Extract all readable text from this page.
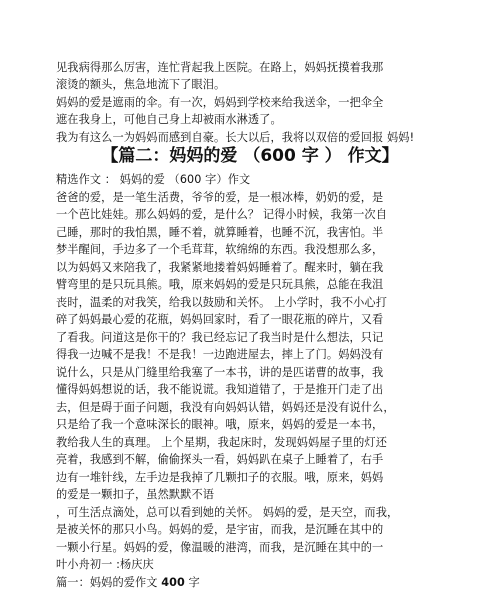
见我病得那么厉害，连忙背起我上医院。在路上，妈妈抚摸着我那

滚烫的额头，焦急地流下了眼泪。

妈妈的爱是遮雨的伞。有一次，妈妈到学校来给我送伞，一把伞全

遮在我身上，可他自己身上却被雨水淋透了。

我为有这么一为妈妈而感到自豪。长大以后，我将以双倍的爱回报 妈妈!

【篇二：妈妈的爱 （600 字 ） 作文】

精选作文 ： 妈妈的爱 （600 字）作文

爸爸的爱，是一笔生活费，爷爷的爱，是一根冰棒，奶奶的爱，是

一个芭比娃娃。那么妈妈的爱，是什么？ 记得小时候，我第一次自

己睡，那时的我怕黑，睡不着，就算睡着，也睡不沉，我害怕。半

梦半醒间，手边多了一个毛茸茸，软绵绵的东西。我没想那么多，

以为妈妈又来陪我了，我紧紧地搂着妈妈睡着了。醒来时，躺在我

臂弯里的是只玩具熊。哦，原来妈妈的爱是只玩具熊，总能在我沮

丧时，温柔的对我笑，给我以鼓励和关怀。 上小学时，我不小心打

碎了妈妈最心爱的花瓶，妈妈回家时，看了一眼花瓶的碎片，又看

了看我。问道这是你干的？我已经忘记了我当时是什么想法，只记

得我一边喊不是我！不是我！一边跑进屋去，摔上了门。妈妈没有

说什么，只是从门缝里给我塞了一本书，讲的是匹诺曹的故事，我

懂得妈妈想说的话，我不能说谎。我知道错了，于是推开门走了出

去，但是碍于面子问题，我没有向妈妈认错，妈妈还是没有说什么，

只是给了我一个意味深长的眼神。哦，原来，妈妈的爱是一本书，

教给我人生的真理。 上个星期，我起床时，发现妈妈屋子里的灯还

亮着，我感到不解，偷偷探头一看，妈妈趴在桌子上睡着了，右手

边有一堆针线，左手边是我掉了几颗扣子的衣服。哦，原来，妈妈

的爱是一颗扣子，虽然默默不语

，可生活点滴处，总可以看到她的关怀。 妈妈的爱，是天空，而我，

是被关怀的那只小鸟。妈妈的爱，是宇宙，而我，是沉睡在其中的

一颗小行星。妈妈的爱，像温暖的港湾，而我，是沉睡在其中的一

叶小舟初一 :杨庆庆

篇一：妈妈的爱作文 400 字
